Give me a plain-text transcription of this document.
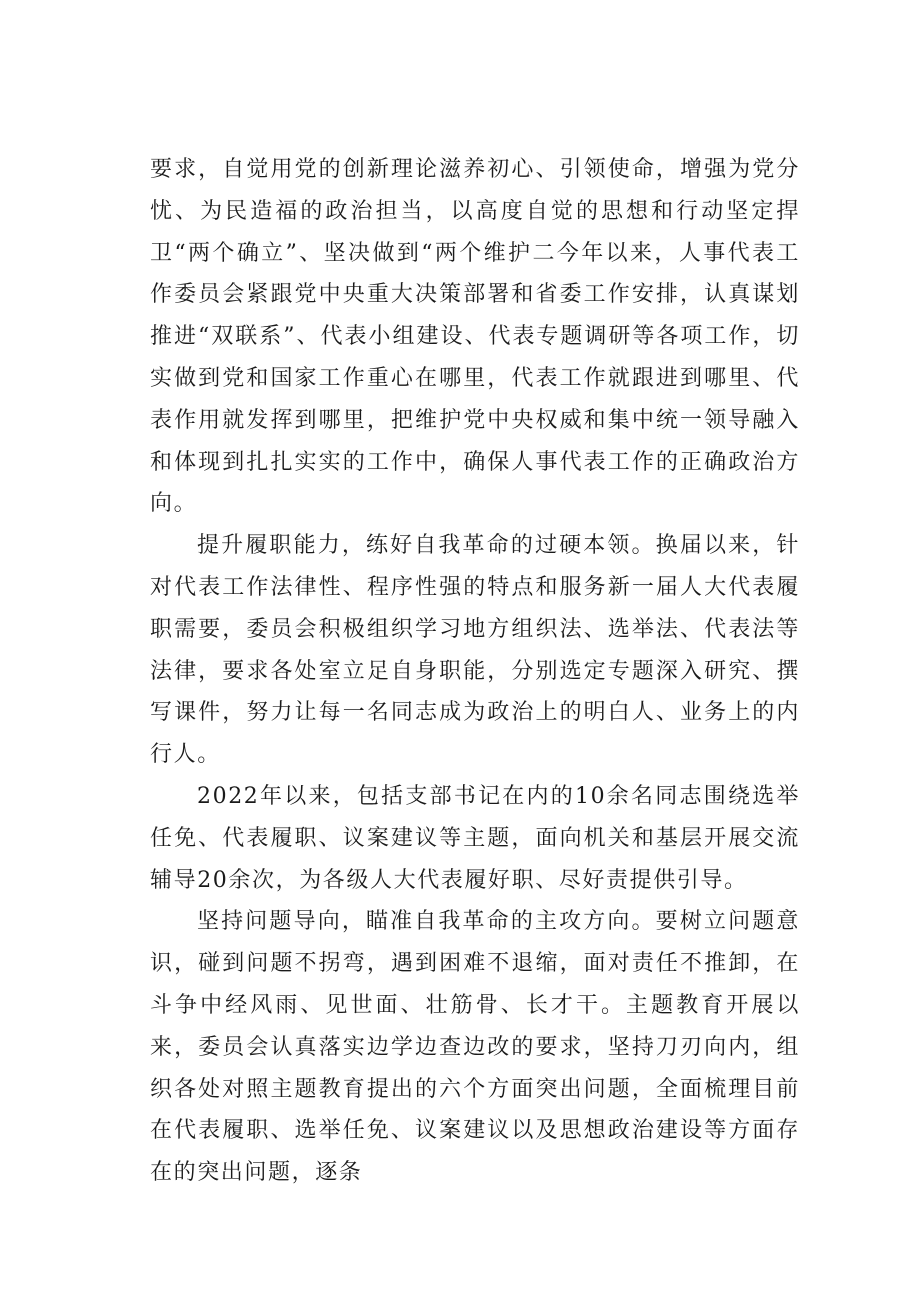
要求，自觉用党的创新理论滋养初心、引领使命，增强为党分忧、为民造福的政治担当，以高度自觉的思想和行动坚定捍卫“两个确立”、坚决做到“两个维护二今年以来，人事代表工作委员会紧跟党中央重大决策部署和省委工作安排，认真谋划推进“双联系”、代表小组建设、代表专题调研等各项工作，切实做到党和国家工作重心在哪里，代表工作就跟进到哪里、代表作用就发挥到哪里，把维护党中央权威和集中统一领导融入和体现到扎扎实实的工作中，确保人事代表工作的正确政治方向。

提升履职能力，练好自我革命的过硬本领。换届以来，针对代表工作法律性、程序性强的特点和服务新一届人大代表履职需要，委员会积极组织学习地方组织法、选举法、代表法等法律，要求各处室立足自身职能，分别选定专题深入研究、撰写课件，努力让每一名同志成为政治上的明白人、业务上的内行人。

2022年以来，包括支部书记在内的10余名同志围绕选举任免、代表履职、议案建议等主题，面向机关和基层开展交流辅导20余次，为各级人大代表履好职、尽好责提供引导。

坚持问题导向，瞄准自我革命的主攻方向。要树立问题意识，碰到问题不拐弯，遇到困难不退缩，面对责任不推卸，在斗争中经风雨、见世面、壮筋骨、长才干。主题教育开展以来，委员会认真落实边学边查边改的要求，坚持刀刃向内，组织各处对照主题教育提出的六个方面突出问题，全面梳理目前在代表履职、选举任免、议案建议以及思想政治建设等方面存在的突出问题，逐条
